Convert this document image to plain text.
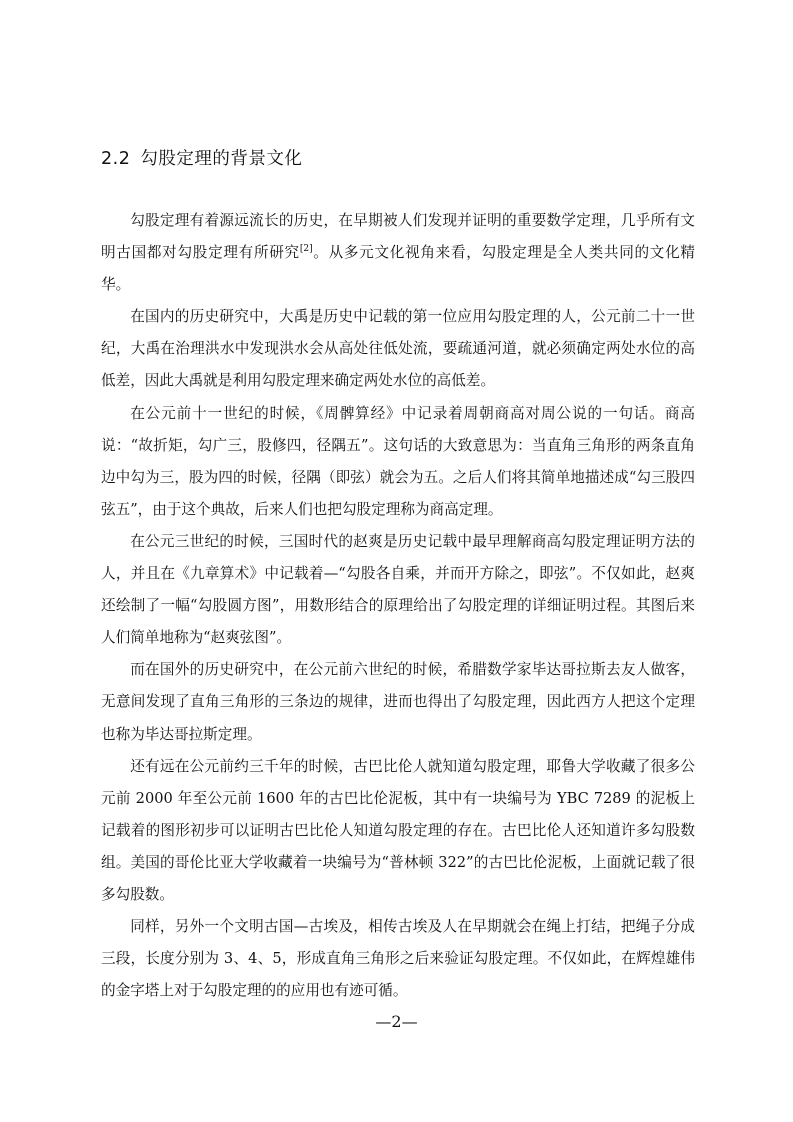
2.2 勾股定理的背景文化

勾股定理有着源远流长的历史，在早期被人们发现并证明的重要数学定理，几乎所有文明古国都对勾股定理有所研究[2]。从多元文化视角来看，勾股定理是全人类共同的文化精华。

在国内的历史研究中，大禹是历史中记载的第一位应用勾股定理的人，公元前二十一世纪，大禹在治理洪水中发现洪水会从高处往低处流，要疏通河道，就必须确定两处水位的高低差，因此大禹就是利用勾股定理来确定两处水位的高低差。

在公元前十一世纪的时候，《周髀算经》中记录着周朝商高对周公说的一句话。商高说：“故折矩，勾广三，股修四，径隅五”。这句话的大致意思为：当直角三角形的两条直角边中勾为三，股为四的时候，径隅（即弦）就会为五。之后人们将其简单地描述成“勾三股四弦五”，由于这个典故，后来人们也把勾股定理称为商高定理。

在公元三世纪的时候，三国时代的赵爽是历史记载中最早理解商高勾股定理证明方法的人，并且在《九章算术》中记载着—“勾股各自乘，并而开方除之，即弦”。不仅如此，赵爽还绘制了一幅“勾股圆方图”，用数形结合的原理给出了勾股定理的详细证明过程。其图后来人们简单地称为“赵爽弦图”。

而在国外的历史研究中，在公元前六世纪的时候，希腊数学家毕达哥拉斯去友人做客，无意间发现了直角三角形的三条边的规律，进而也得出了勾股定理，因此西方人把这个定理也称为毕达哥拉斯定理。

还有远在公元前约三千年的时候，古巴比伦人就知道勾股定理，耶鲁大学收藏了很多公元前 2000 年至公元前 1600 年的古巴比伦泥板，其中有一块编号为 YBC 7289 的泥板上记载着的图形初步可以证明古巴比伦人知道勾股定理的存在。古巴比伦人还知道许多勾股数组。美国的哥伦比亚大学收藏着一块编号为“普林顿 322”的古巴比伦泥板，上面就记载了很多勾股数。

同样，另外一个文明古国—古埃及，相传古埃及人在早期就会在绳上打结，把绳子分成三段，长度分别为 3、4、5，形成直角三角形之后来验证勾股定理。不仅如此，在辉煌雄伟的金字塔上对于勾股定理的的应用也有迹可循。

—2—
